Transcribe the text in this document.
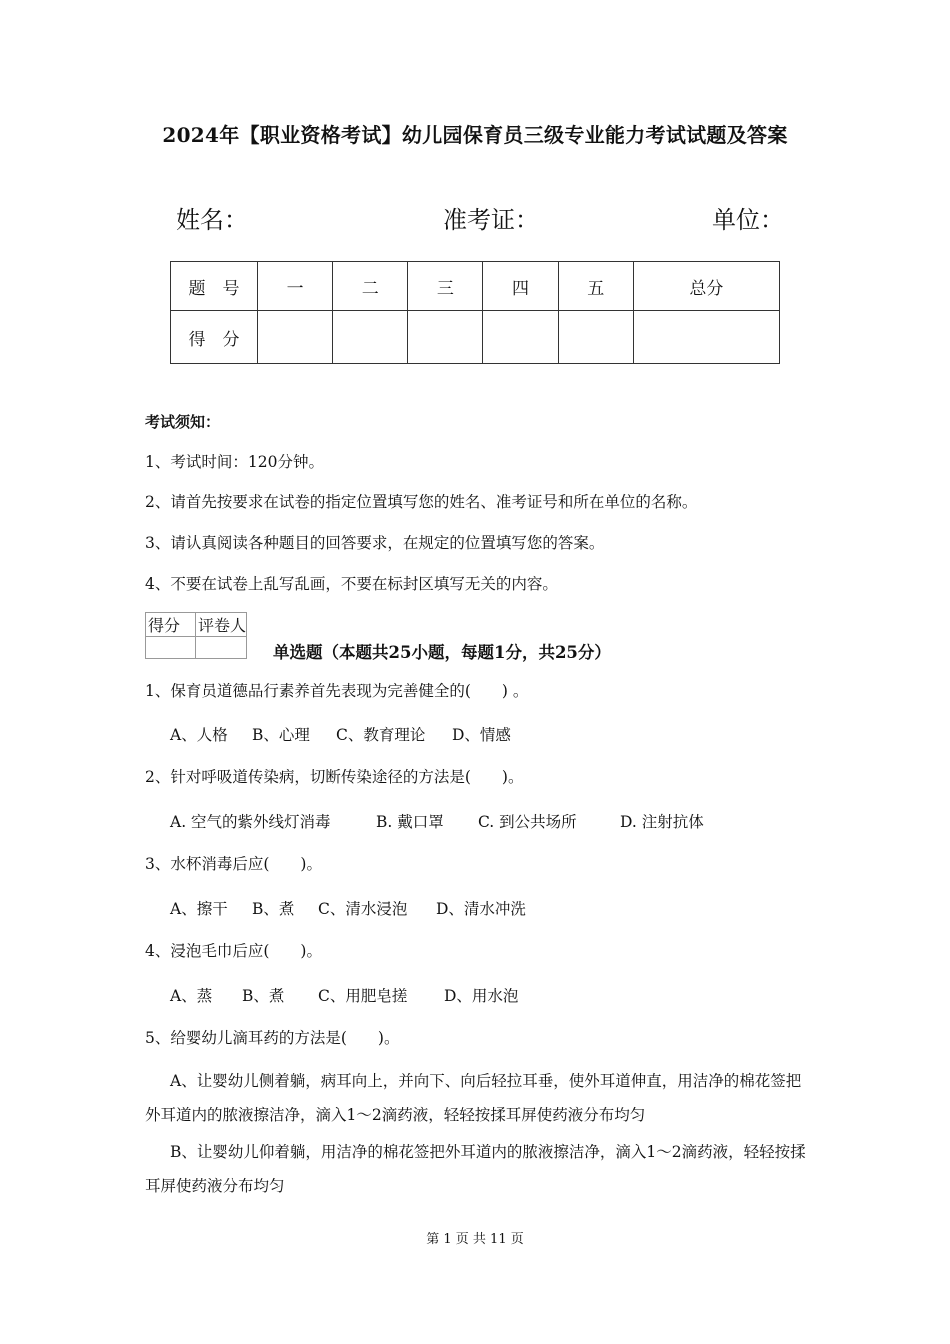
2024年【职业资格考试】幼儿园保育员三级专业能力考试试题及答案
姓名：	准考证：	单位：
题　号	一	二	三	四	五	总分
得　分						
考试须知：
1、考试时间：120分钟。
2、请首先按要求在试卷的指定位置填写您的姓名、准考证号和所在单位的名称。
3、请认真阅读各种题目的回答要求，在规定的位置填写您的答案。
4、不要在试卷上乱写乱画，不要在标封区填写无关的内容。
得分	评卷人

单选题（本题共25小题，每题1分，共25分）
1、保育员道德品行素养首先表现为完善健全的(　　) 。
A、人格 B、心理 C、教育理论 D、情感
2、针对呼吸道传染病，切断传染途径的方法是(　　)。
A. 空气的紫外线灯消毒	B. 戴口罩 C. 到公共场所	D. 注射抗体
3、水杯消毒后应(　　)。
A、擦干 B、煮 C、清水浸泡 D、清水冲洗
4、浸泡毛巾后应(　　)。
A、蒸 B、煮 C、用肥皂搓 D、用水泡
5、给婴幼儿滴耳药的方法是(　　)。
A、让婴幼儿侧着躺，病耳向上，并向下、向后轻拉耳垂，使外耳道伸直，用洁净的棉花签把外耳道内的脓液擦洁净，滴入1～2滴药液，轻轻按揉耳屏使药液分布均匀
B、让婴幼儿仰着躺，用洁净的棉花签把外耳道内的脓液擦洁净，滴入1～2滴药液，轻轻按揉耳屏使药液分布均匀
第 1 页 共 11 页
